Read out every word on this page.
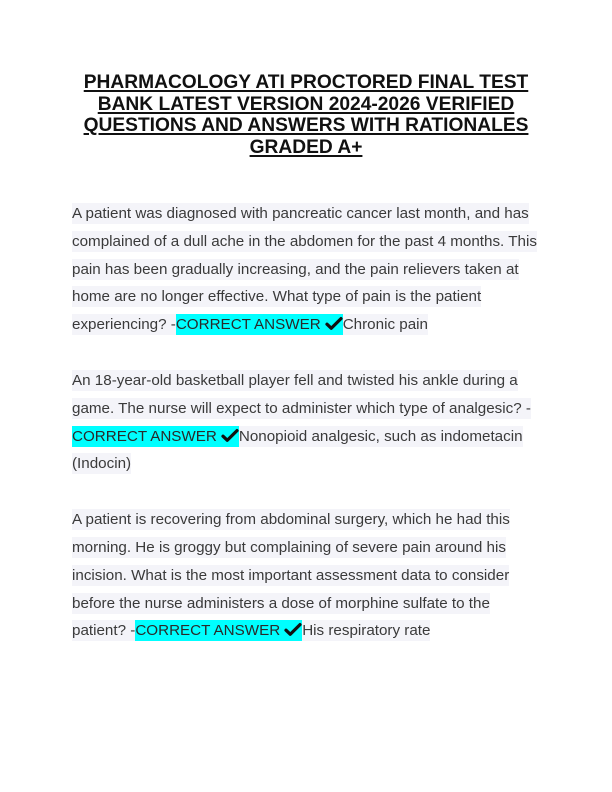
PHARMACOLOGY ATI PROCTORED FINAL TEST BANK LATEST VERSION 2024-2026 VERIFIED QUESTIONS AND ANSWERS WITH RATIONALES GRADED A+

A patient was diagnosed with pancreatic cancer last month, and has complained of a dull ache in the abdomen for the past 4 months. This pain has been gradually increasing, and the pain relievers taken at home are no longer effective. What type of pain is the patient experiencing? -CORRECT ANSWER Chronic pain

An 18-year-old basketball player fell and twisted his ankle during a game. The nurse will expect to administer which type of analgesic? -CORRECT ANSWER Nonopioid analgesic, such as indometacin (Indocin)

A patient is recovering from abdominal surgery, which he had this morning. He is groggy but complaining of severe pain around his incision. What is the most important assessment data to consider before the nurse administers a dose of morphine sulfate to the patient? -CORRECT ANSWER His respiratory rate
